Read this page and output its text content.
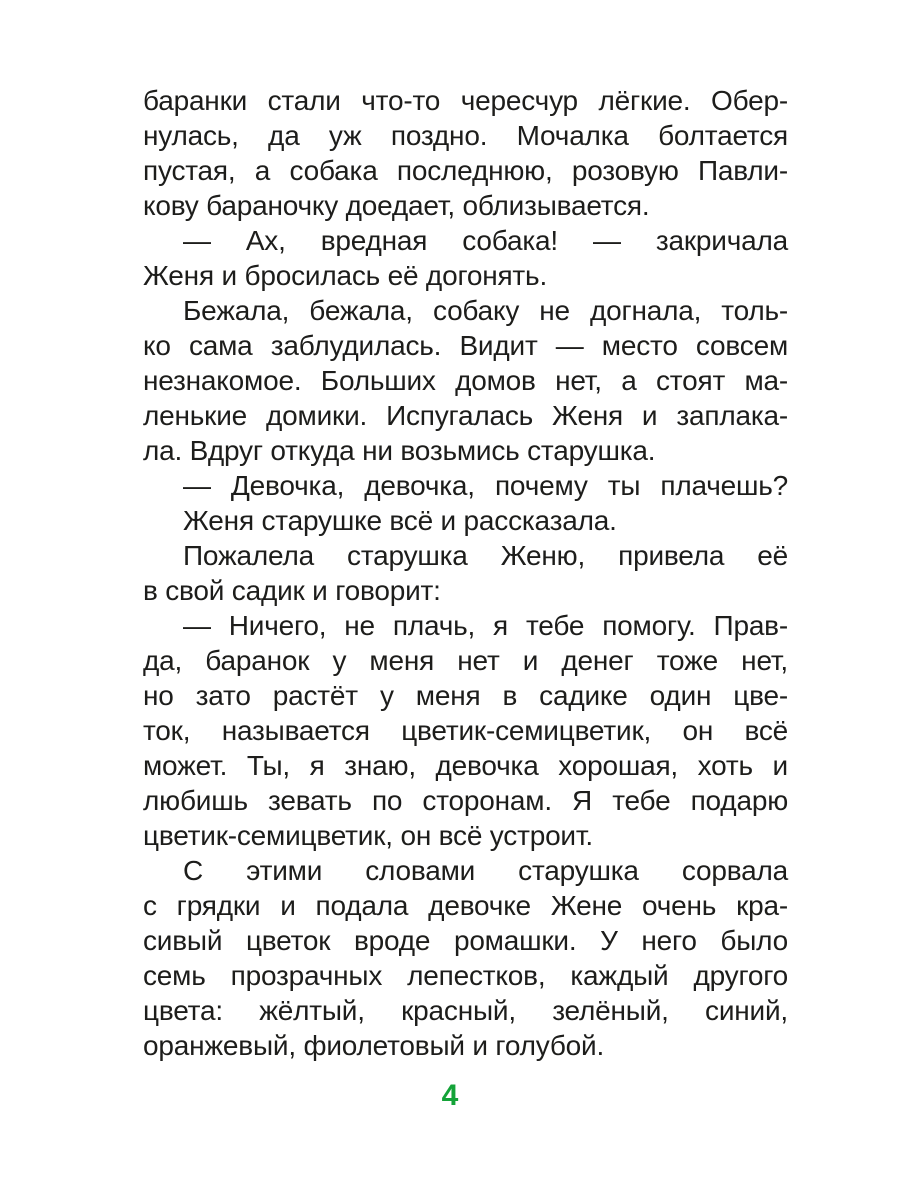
баранки стали что-то чересчур лёгкие. Обер-
нулась, да уж поздно. Мочалка болтается
пустая, а собака последнюю, розовую Павли-
кову бараночку доедает, облизывается.
— Ах, вредная собака! — закричала
Женя и бросилась её догонять.
Бежала, бежала, собаку не догнала, толь-
ко сама заблудилась. Видит — место совсем
незнакомое. Больших домов нет, а стоят ма-
ленькие домики. Испугалась Женя и заплака-
ла. Вдруг откуда ни возьмись старушка.
— Девочка, девочка, почему ты плачешь?
Женя старушке всё и рассказала.
Пожалела старушка Женю, привела её
в свой садик и говорит:
— Ничего, не плачь, я тебе помогу. Прав-
да, баранок у меня нет и денег тоже нет,
но зато растёт у меня в садике один цве-
ток, называется цветик-семицветик, он всё
может. Ты, я знаю, девочка хорошая, хоть и
любишь зевать по сторонам. Я тебе подарю
цветик-семицветик, он всё устроит.
С этими словами старушка сорвала
с грядки и подала девочке Жене очень кра-
сивый цветок вроде ромашки. У него было
семь прозрачных лепестков, каждый другого
цвета: жёлтый, красный, зелёный, синий,
оранжевый, фиолетовый и голубой.
4
